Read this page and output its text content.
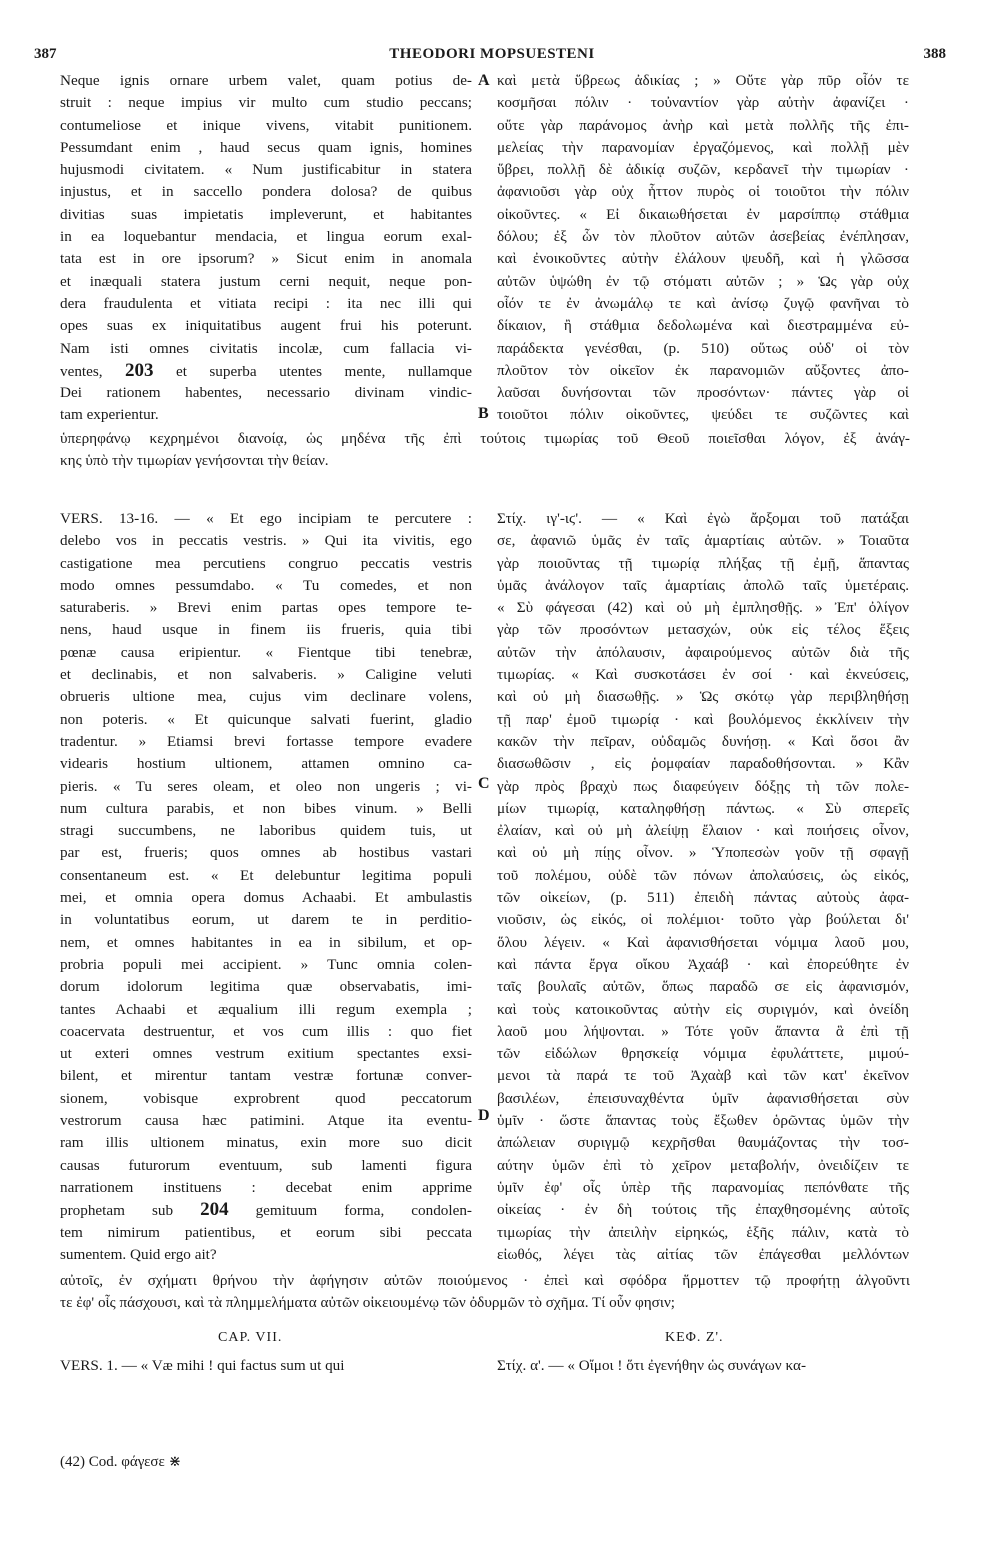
387	THEODORI MOPSUESTENI	388
Neque ignis ornare urbem valet, quam potius de-
struit : neque impius vir multo cum studio peccans;
contumeliose et inique vivens, vitabit punitionem.
Pessumdant enim , haud secus quam ignis, homines
hujusmodi civitatem. « Num justificabitur in statera
injustus, et in saccello pondera dolosa? de quibus
divitias suas impietatis impleverunt, et habitantes
in ea loquebantur mendacia, et lingua eorum exal-
tata est in ore ipsorum? » Sicut enim in anomala
et inæquali statera justum cerni nequit, neque pon-
dera fraudulenta et vitiata recipi : ita nec illi qui
opes suas ex iniquitatibus augent frui his poterunt.
Nam isti omnes civitatis incolæ, cum fallacia vi-
ventes, 203 et superba utentes mente, nullamque
Dei rationem habentes, necessario divinam vindic-
tam experientur.
καὶ μετὰ ὕβρεως ἀδικίας ; » Οὔτε γὰρ πῦρ οἷόν τε
κοσμῆσαι πόλιν · τοὐναντίον γὰρ αὐτὴν ἀφανίζει ·
οὔτε γὰρ παράνομος ἀνὴρ καὶ μετὰ πολλῆς τῆς ἐπι-
μελείας τὴν παρανομίαν ἐργαζόμενος, καὶ πολλῇ μὲν
ὕβρει, πολλῇ δὲ ἀδικίᾳ συζῶν, κερδανεῖ τὴν τιμωρίαν ·
ἀφανιοῦσι γὰρ οὐχ ἧττον πυρὸς οἱ τοιοῦτοι τὴν πόλιν
οἰκοῦντες. « Εἰ δικαιωθήσεται ἐν μαρσίππῳ στάθμια
δόλου; ἐξ ὧν τὸν πλοῦτον αὐτῶν ἀσεβείας ἐνέπλησαν,
καὶ ἐνοικοῦντες αὐτὴν ἐλάλουν ψευδῆ, καὶ ἡ γλῶσσα
αὐτῶν ὑψώθη ἐν τῷ στόματι αὐτῶν ; » Ὡς γὰρ οὐχ
οἷόν τε ἐν ἀνωμάλῳ τε καὶ ἀνίσῳ ζυγῷ φανῆναι τὸ
δίκαιον, ἢ στάθμια δεδολωμένα καὶ διεστραμμένα εὐ-
παράδεκτα γενέσθαι, (p. 510) οὕτως οὐδ' οἱ τὸν
πλοῦτον τὸν οἰκεῖον ἐκ παρανομιῶν αὔξοντες ἀπο-
λαῦσαι δυνήσονται τῶν προσόντων· πάντες γὰρ οἱ
τοιοῦτοι πόλιν οἰκοῦντες, ψεύδει τε συζῶντες καὶ
A
B
ὑπερηφάνῳ κεχρημένοι διανοίᾳ, ὡς μηδένα τῆς ἐπὶ τούτοις τιμωρίας τοῦ Θεοῦ ποιεῖσθαι λόγον, ἐξ ἀνάγ-
κης ὑπὸ τὴν τιμωρίαν γενήσονται τὴν θείαν.
VERS. 13-16. — « Et ego incipiam te percutere :
delebo vos in peccatis vestris. » Qui ita vivitis, ego
castigatione mea percutiens congruo peccatis vestris
modo omnes pessumdabo. « Tu comedes, et non
saturaberis. » Brevi enim partas opes tempore te-
nens, haud usque in finem iis frueris, quia tibi
pœnæ causa eripientur. « Fientque tibi tenebræ,
et declinabis, et non salvaberis. » Caligine veluti
obrueris ultione mea, cujus vim declinare volens,
non poteris. « Et quicunque salvati fuerint, gladio
tradentur. » Etiamsi brevi fortasse tempore evadere
videaris hostium ultionem, attamen omnino ca-
pieris. « Tu seres olеam, et oleo non ungeris ; vi-
num cultura parabis, et non bibes vinum. » Belli
stragi succumbens, ne laboribus quidem tuis, ut
par est, frueris; quos omnes ab hostibus vastari
consentaneum est. « Et delebuntur legitima populi
mei, et omnia opera domus Achaabi. Et ambulastis
in voluntatibus eorum, ut darem te in perditio-
nem, et omnes habitantes in ea in sibilum, et op-
probria populi mei accipient. » Tunc omnia colen-
dorum idolorum legitima quæ observabatis, imi-
tantes Achaabi et æqualium illi regum exempla ;
coacervata destruentur, et vos cum illis : quo fiet
ut exteri omnes vestrum exitium spectantes exsi-
bilent, et mirentur tantam vestræ fortunæ conver-
sionem, vobisque exprobrent quod peccatorum
vestrorum causa hæc patimini. Atque ita eventu-
ram illis ultionem minatus, exin more suo dicit
causas futurorum eventuum, sub lamenti figura
narrationem instituens : decebat enim apprime
prophetam sub 204 gemituum forma, condolen-
tem nimirum patientibus, et eorum sibi peccata
sumentem. Quid ergo ait?
Στίχ. ιγ'-ιϛ'. — « Καὶ ἐγὼ ἄρξομαι τοῦ πατάξαι
σε, ἀφανιῶ ὑμᾶς ἐν ταῖς ἁμαρτίαις αὐτῶν. » Τοιαῦτα
γὰρ ποιοῦντας τῇ τιμωρίᾳ πλήξας τῇ ἐμῇ, ἅπαντας
ὑμᾶς ἀνάλογον ταῖς ἁμαρτίαις ἀπολῶ ταῖς ὑμετέραις.
« Σὺ φάγεσαι (42) καὶ οὐ μὴ ἐμπλησθῇς. » Ἐπ' ὀλίγον
γὰρ τῶν προσόντων μετασχών, οὐκ εἰς τέλος ἕξεις
αὐτῶν τὴν ἀπόλαυσιν, ἀφαιρούμενος αὐτῶν διὰ τῆς
τιμωρίας. « Καὶ συσκοτάσει ἐν σοί · καὶ ἐκνεύσεις,
καὶ οὐ μὴ διασωθῇς. » Ὡς σκότῳ γὰρ περιβληθήσῃ
τῇ παρ' ἐμοῦ τιμωρίᾳ · καὶ βουλόμενος ἐκκλίνειν τὴν
κακῶν τὴν πεῖραν, οὐδαμῶς δυνήσῃ. « Καὶ ὅσοι ἂν
διασωθῶσιν , εἰς ῥομφαίαν παραδοθήσονται. » Κἂν
γὰρ πρὸς βραχὺ πως διαφεύγειν δόξῃς τὴ τῶν πολε-
μίων τιμωρίᾳ, καταληφθήσῃ πάντως. « Σὺ σπερεῖς
ἐλαίαν, καὶ οὐ μὴ ἀλείψῃ ἔλαιον · καὶ ποιήσεις οἶνον,
καὶ οὐ μὴ πίῃς οἶνον. » Ὑποπεσὼν γοῦν τῇ σφαγῇ
τοῦ πολέμου, οὐδὲ τῶν πόνων ἀπολαύσεις, ὡς εἰκός,
τῶν οἰκείων, (p. 511) ἐπειδὴ πάντας αὐτοὺς ἀφα-
νιοῦσιν, ὡς εἰκός, οἱ πολέμιοι· τοῦτο γὰρ βούλεται δι'
ὅλου λέγειν. « Καὶ ἀφανισθήσεται νόμιμα λαοῦ μου,
καὶ πάντα ἔργα οἴκου Ἀχαάβ · καὶ ἐπορεύθητε ἐν
ταῖς βουλαῖς αὐτῶν, ὅπως παραδῶ σε εἰς ἀφανισμόν,
καὶ τοὺς κατοικοῦντας αὐτὴν εἰς συριγμόν, καὶ ὀνείδη
λαοῦ μου λήψονται. » Τότε γοῦν ἅπαντα ἃ ἐπὶ τῇ
τῶν εἰδώλων θρησκείᾳ νόμιμα ἐφυλάττετε, μιμού-
μενοι τὰ παρά τε τοῦ Ἀχαὰβ καὶ τῶν κατ' ἐκεῖνον
βασιλέων, ἐπεισυναχθέντα ὑμῖν ἀφανισθήσεται σὺν
ὑμῖν · ὥστε ἅπαντας τοὺς ἔξωθεν ὁρῶντας ὑμῶν τὴν
ἀπώλειαν συριγμῷ κεχρῆσθαι θαυμάζοντας τὴν τοσ-
αύτην ὑμῶν ἐπὶ τὸ χεῖρον μεταβολήν, ὀνειδίζειν τε
ὑμῖν ἐφ' οἷς ὑπὲρ τῆς παρανομίας πεπόνθατε τῆς
οἰκείας · ἐν δὴ τούτοις τῆς ἐπαχθησομένης αὐτοῖς
τιμωρίας τὴν ἀπειλὴν εἰρηκώς, ἑξῆς πάλιν, κατὰ τὸ
εἰωθός, λέγει τὰς αἰτίας τῶν ἐπάγεσθαι μελλόντων
C
D
αὐτοῖς, ἐν σχήματι θρήνου τὴν ἀφήγησιν αὐτῶν ποιούμενος · ἐπεὶ καὶ σφόδρα ἥρμοττεν τῷ προφήτῃ ἀλγοῦντι
τε ἐφ' οἷς πάσχουσι, καὶ τὰ πλημμελήματα αὐτῶν οἰκειουμένῳ τῶν ὀδυρμῶν τὸ σχῆμα. Τί οὖν φησιν;
CAP. VII.	ΚΕΦ. Ζ'.
VERS. 1. — « Væ mihi ! qui factus sum ut qui	Στίχ. α'. — « Οἴμοι ! ὅτι ἐγενήθην ὡς συνάγων κα-
(42) Cod. φάγεσε ⋇
